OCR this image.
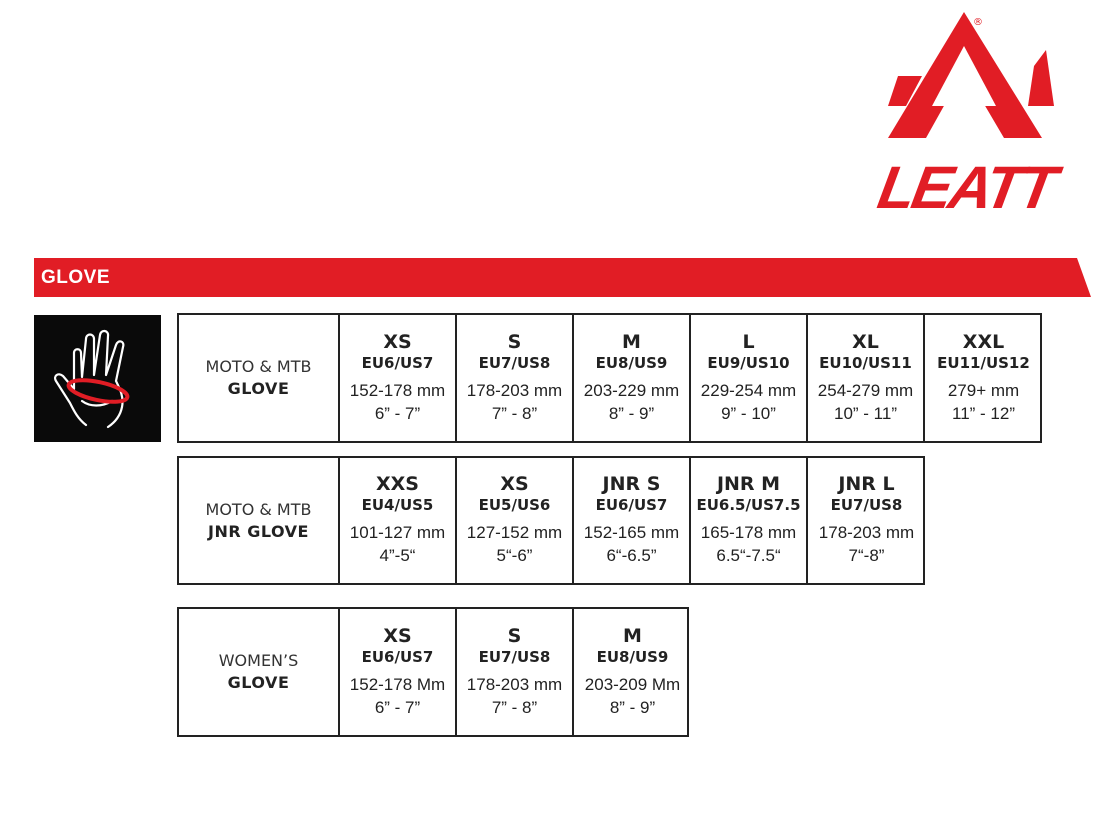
®
LEATT
GLOVE
MOTO & MTB
GLOVE
XS
EU6/US7
152-178 mm
6” - 7”
S
EU7/US8
178-203 mm
7” - 8”
M
EU8/US9
203-229 mm
8” - 9”
L
EU9/US10
229-254 mm
9” - 10”
XL
EU10/US11
254-279 mm
10” - 11”
XXL
EU11/US12
279+ mm
11” - 12”
MOTO & MTB
JNR GLOVE
XXS
EU4/US5
101-127 mm
4”-5“
XS
EU5/US6
127-152 mm
5“-6”
JNR S
EU6/US7
152-165 mm
6“-6.5”
JNR M
EU6.5/US7.5
165-178 mm
6.5“-7.5“
JNR L
EU7/US8
178-203 mm
7“-8”
WOMEN’S
GLOVE
XS
EU6/US7
152-178 Mm
6” - 7”
S
EU7/US8
178-203 mm
7” - 8”
M
EU8/US9
203-209 Mm
8” - 9”
